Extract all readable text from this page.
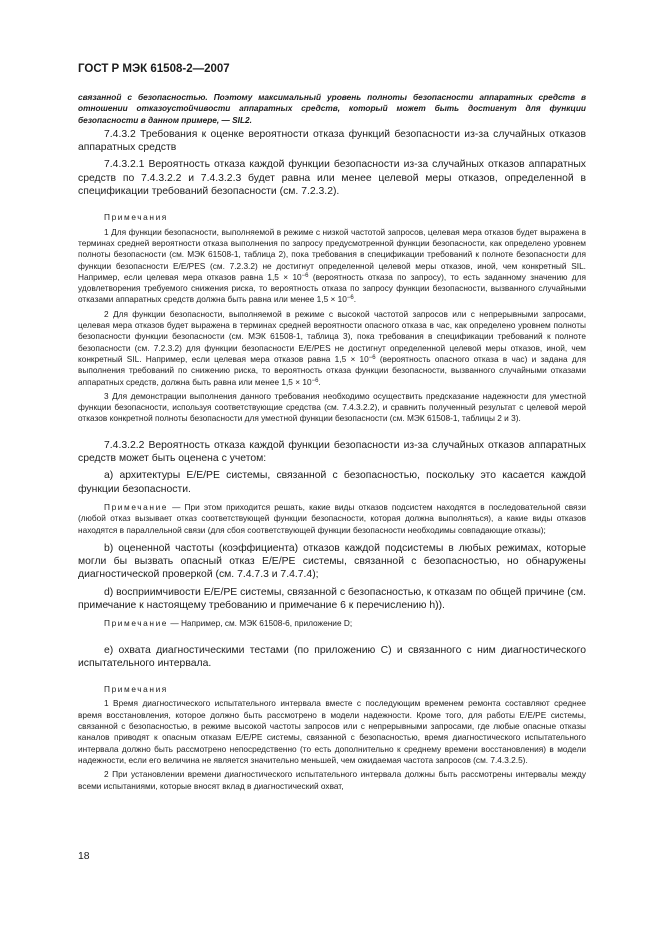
ГОСТ Р МЭК 61508-2—2007

связанной с безопасностью. Поэтому максимальный уровень полноты безопасности аппаратных средств в отношении отказоустойчивости аппаратных средств, который может быть достигнут для функции безопасности в данном примере, — SIL2.

7.4.3.2 Требования к оценке вероятности отказа функций безопасности из-за случайных отказов аппаратных средств

7.4.3.2.1 Вероятность отказа каждой функции безопасности из-за случайных отказов аппаратных средств по 7.4.3.2.2 и 7.4.3.2.3 будет равна или менее целевой меры отказов, определенной в спецификации требований безопасности (см. 7.2.3.2).

Примечания

1 Для функции безопасности, выполняемой в режиме с низкой частотой запросов, целевая мера отказов будет выражена в терминах средней вероятности отказа выполнения по запросу предусмотренной функции безопасности, как определено уровнем полноты безопасности (см. МЭК 61508-1, таблица 2), пока требования в спецификации требований к полноте безопасности для функции безопасности E/E/PES (см. 7.2.3.2) не достигнут определенной целевой меры отказов, иной, чем конкретный SIL. Например, если целевая мера отказов равна $1,5 \times 10^{-6}$ (вероятность отказа по запросу), то есть заданному значению для удовлетворения требуемого снижения риска, то вероятность отказа по запросу функции безопасности, вызванного случайными отказами аппаратных средств должна быть равна или менее $1,5 \times 10^{-6}$.

2 Для функции безопасности, выполняемой в режиме с высокой частотой запросов или с непрерывными запросами, целевая мера отказов будет выражена в терминах средней вероятности опасного отказа в час, как определено уровнем полноты безопасности функции безопасности (см. МЭК 61508-1, таблица 3), пока требования в спецификации требований к полноте безопасности (см. 7.2.3.2) для функции безопасности E/E/PES не достигнут определенной целевой меры отказов, иной, чем конкретный SIL. Например, если целевая мера отказов равна $1,5 \times 10^{-6}$ (вероятность опасного отказа в час) и задана для выполнения требований по снижению риска, то вероятность отказа функции безопасности, вызванного случайными отказами аппаратных средств, должна быть равна или менее $1,5 \times 10^{-6}$.

3 Для демонстрации выполнения данного требования необходимо осуществить предсказание надежности для уместной функции безопасности, используя соответствующие средства (см. 7.4.3.2.2), и сравнить полученный результат с целевой мерой отказов конкретной полноты безопасности для уместной функции безопасности (см. МЭК 61508-1, таблицы 2 и 3).

7.4.3.2.2 Вероятность отказа каждой функции безопасности из-за случайных отказов аппаратных средств может быть оценена с учетом:

а) архитектуры E/E/PE системы, связанной с безопасностью, поскольку это касается каждой функции безопасности.

Примечание — При этом приходится решать, какие виды отказов подсистем находятся в последовательной связи (любой отказ вызывает отказ соответствующей функции безопасности, которая должна выполняться), а какие виды отказов находятся в параллельной связи (для сбоя соответствующей функции безопасности необходимы совпадающие отказы);

b) оцененной частоты (коэффициента) отказов каждой подсистемы в любых режимах, которые могли бы вызвать опасный отказ E/E/PE системы, связанной с безопасностью, но обнаружены диагностической проверкой (см. 7.4.7.3 и 7.4.7.4);

d) восприимчивости E/E/PE системы, связанной с безопасностью, к отказам по общей причине (см. примечание к настоящему требованию и примечание 6 к перечислению h)).

Примечание — Например, см. МЭК 61508-6, приложение D;

е) охвата диагностическими тестами (по приложению C) и связанного с ним диагностического испытательного интервала.

Примечания

1 Время диагностического испытательного интервала вместе с последующим временем ремонта составляют среднее время восстановления, которое должно быть рассмотрено в модели надежности. Кроме того, для работы E/E/PE системы, связанной с безопасностью, в режиме высокой частоты запросов или с непрерывными запросами, где любые опасные отказы каналов приводят к опасным отказам E/E/PE системы, связанной с безопасностью, время диагностического испытательного интервала должно быть рассмотрено непосредственно (то есть дополнительно к среднему времени восстановления) в модели надежности, если его величина не является значительно меньшей, чем ожидаемая частота запросов (см. 7.4.3.2.5).

2 При установлении времени диагностического испытательного интервала должны быть рассмотрены интервалы между всеми испытаниями, которые вносят вклад в диагностический охват,

18
